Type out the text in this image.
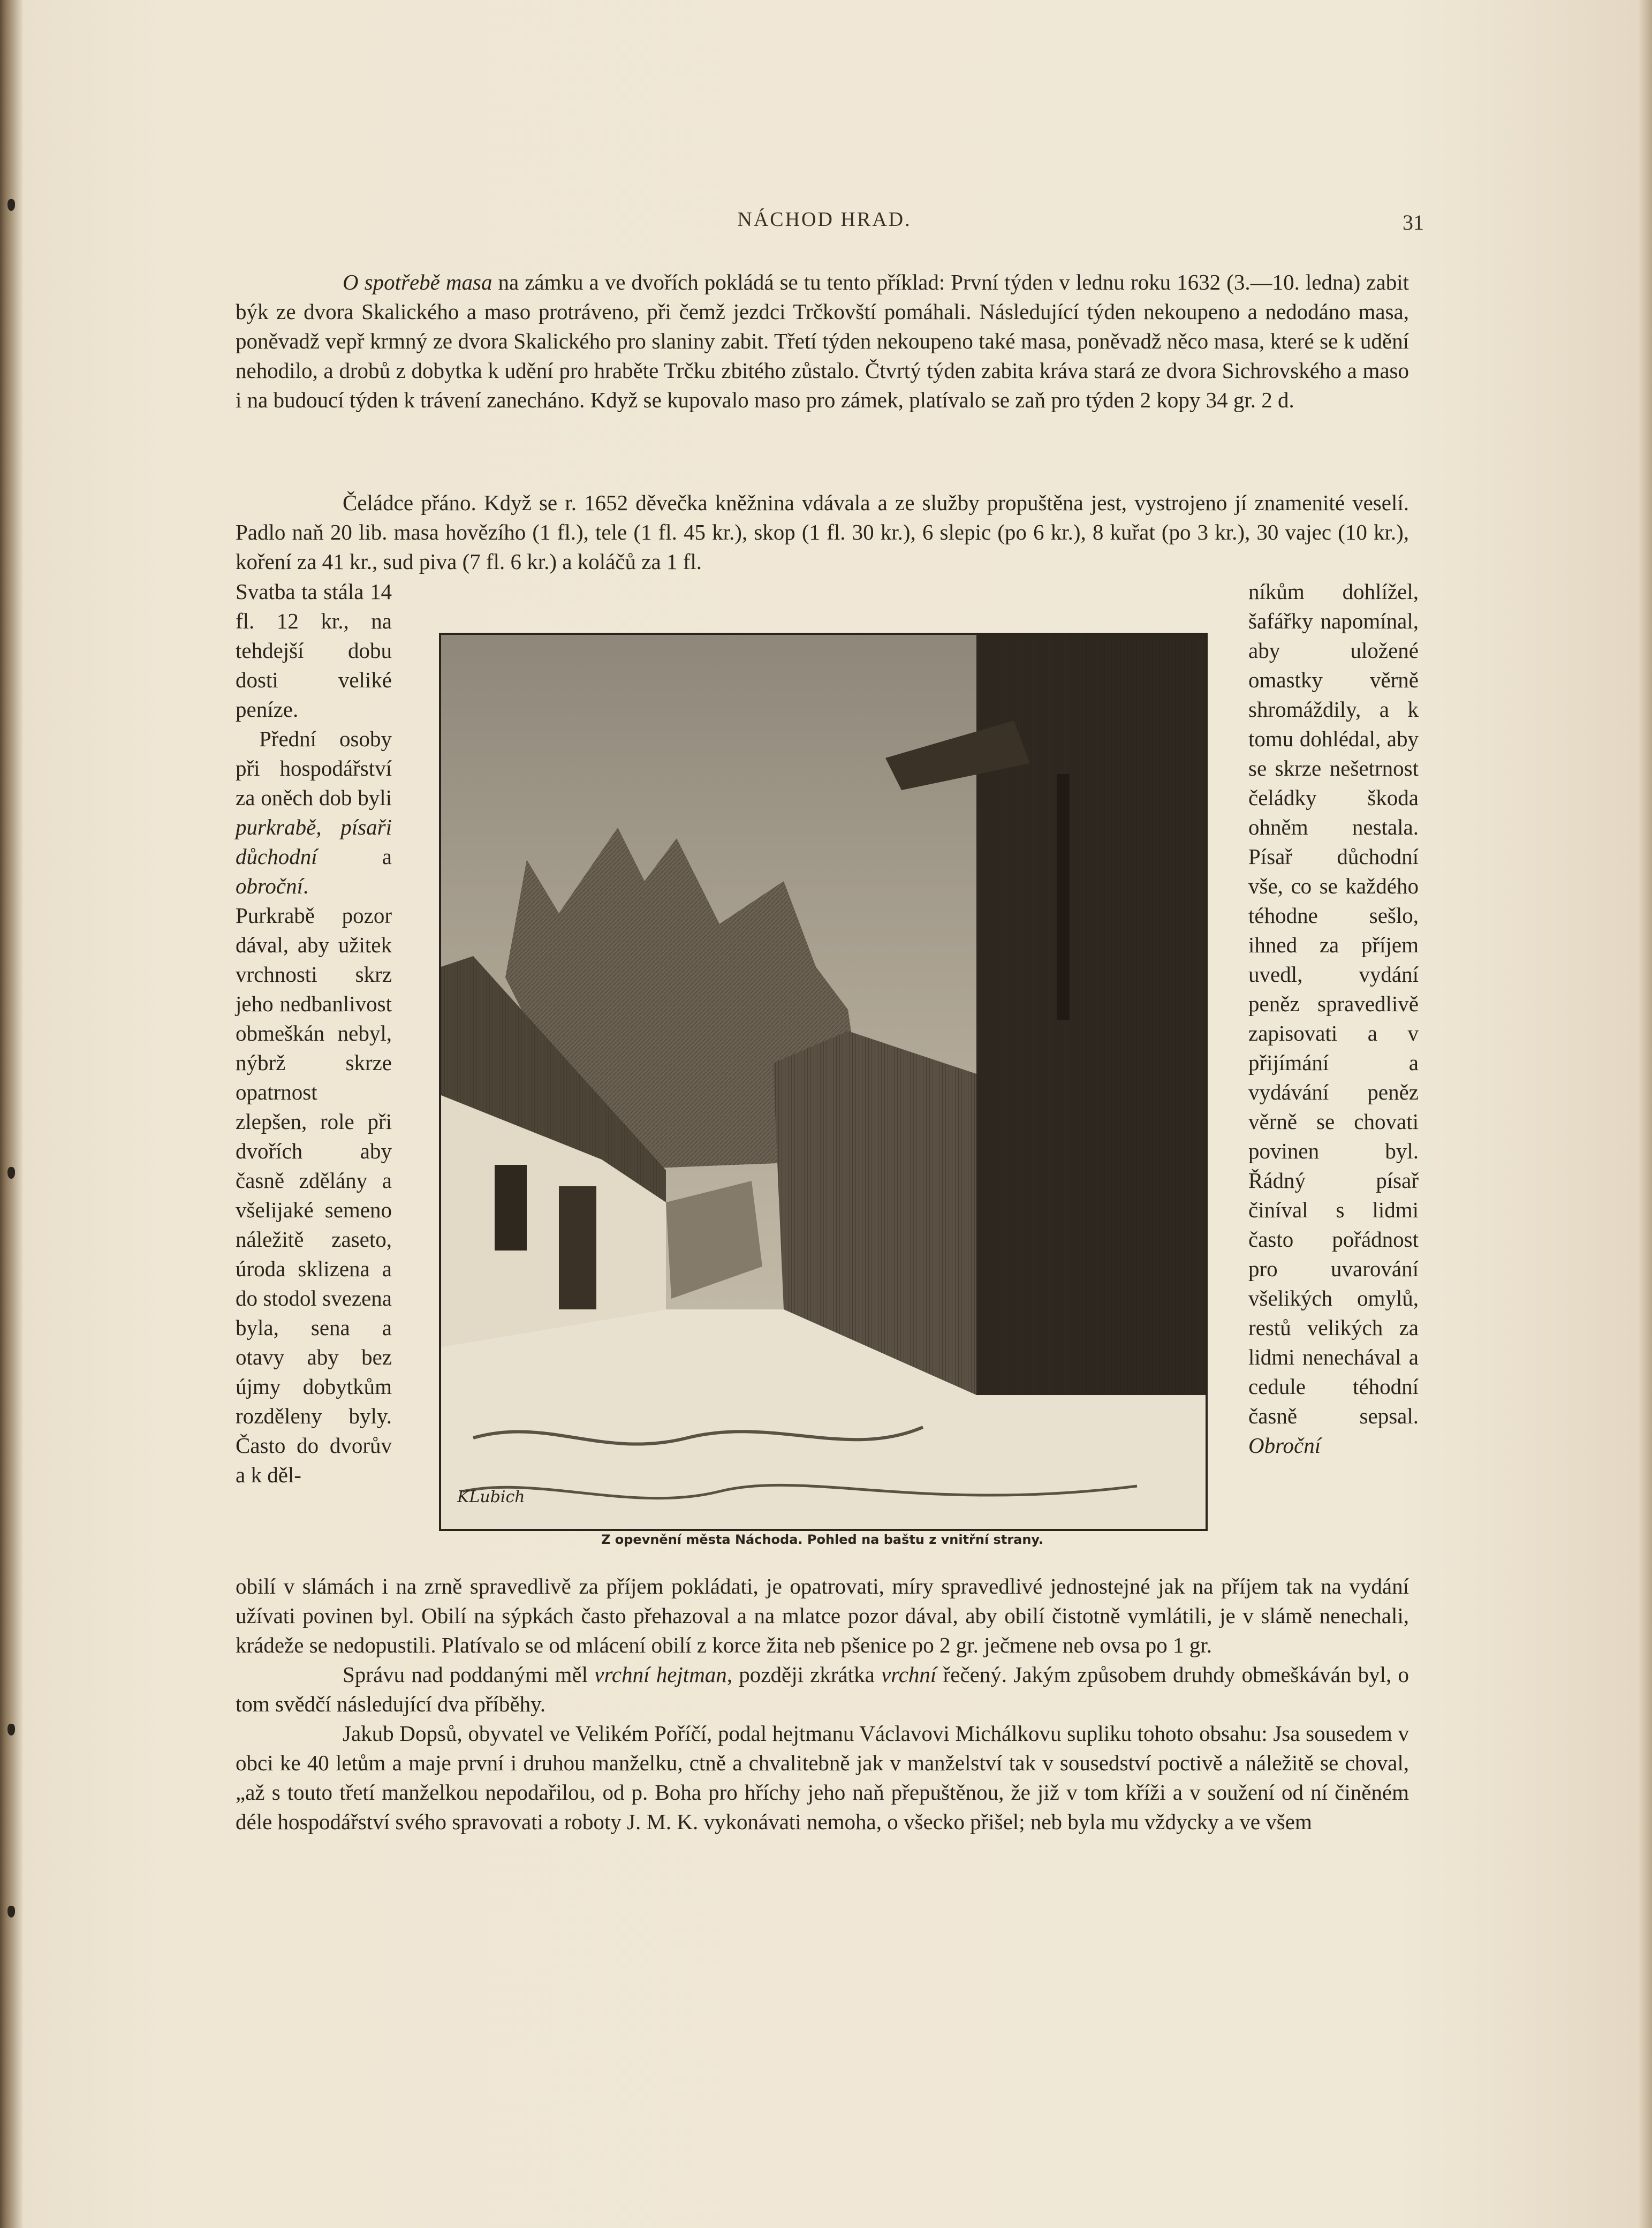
NÁCHOD HRAD.	31

O spotřebě masa na zámku a ve dvořích pokládá se tu tento příklad: První týden v lednu roku 1632 (3.—10. ledna) zabit býk ze dvora Skalického a maso protráveno, při čemž jezdci Trčkovští pomáhali. Následující týden nekoupeno a nedodáno masa, poněvadž vepř krmný ze dvora Skalického pro slaniny zabit. Třetí týden nekoupeno také masa, poněvadž něco masa, které se k udění nehodilo, a drobů z dobytka k udění pro hraběte Trčku zbitého zůstalo. Čtvrtý týden zabita kráva stará ze dvora Sichrovského a maso i na budoucí týden k trávení zanecháno. Když se kupovalo maso pro zámek, platívalo se zaň pro týden 2 kopy 34 gr. 2 d.

Čeládce přáno. Když se r. 1652 děvečka kněžnina vdávala a ze služby propuštěna jest, vystrojeno jí znamenité veselí. Padlo naň 20 lib. masa hovězího (1 fl.), tele (1 fl. 45 kr.), skop (1 fl. 30 kr.), 6 slepic (po 6 kr.), 8 kuřat (po 3 kr.), 30 vajec (10 kr.), koření za 41 kr., sud piva (7 fl. 6 kr.) a koláčů za 1 fl.

Svatba ta stála 14 fl. 12 kr., na tehdejší dobu dosti veliké peníze.

Přední osoby při hospodářství za oněch dob byli purkrabě, písaři důchodní a obroční. Purkrabě pozor dával, aby užitek vrchnosti skrz jeho nedbanlivost obmeškán nebyl, nýbrž skrze opatrnost zlepšen, role při dvořích aby časně zdělány a všelijaké semeno náležitě zaseto, úroda sklizena a do stodol svezena byla, sena a otavy aby bez újmy dobytkům rozděleny byly. Často do dvorův a k děl-

níkům dohlížel, šafářky napomínal, aby uložené omastky věrně shromáždily, a k tomu dohlédal, aby se skrze nešetrnost čeládky škoda ohněm nestala. Písař důchodní vše, co se každého téhodne sešlo, ihned za příjem uvedl, vydání peněz spravedlivě zapisovati a v přijímání a vydávání peněz věrně se chovati povinen byl. Řádný písař činíval s lidmi často pořádnost pro uvarování všelikých omylů, restů velikých za lidmi nenechával a cedule téhodní časně sepsal. Obroční

KLubich
Z opevnění města Náchoda. Pohled na baštu z vnitřní strany.

obilí v slámách i na zrně spravedlivě za příjem pokládati, je opatrovati, míry spravedlivé jednostejné jak na příjem tak na vydání užívati povinen byl. Obilí na sýpkách často přehazoval a na mlatce pozor dával, aby obilí čistotně vymlátili, je v slámě nenechali, krádeže se nedopustili. Platívalo se od mlácení obilí z korce žita neb pšenice po 2 gr. ječmene neb ovsa po 1 gr.

Správu nad poddanými měl vrchní hejtman, později zkrátka vrchní řečený. Jakým způsobem druhdy obmeškáván byl, o tom svědčí následující dva příběhy.

Jakub Dopsů, obyvatel ve Velikém Poříčí, podal hejtmanu Václavovi Michálkovu supliku tohoto obsahu: Jsa sousedem v obci ke 40 letům a maje první i druhou manželku, ctně a chvalitebně jak v manželství tak v sousedství poctivě a náležitě se choval, „až s touto třetí manželkou nepodařilou, od p. Boha pro hříchy jeho naň přepuštěnou, že již v tom kříži a v soužení od ní činěném déle hospodářství svého spravovati a roboty J. M. K. vykonávati nemoha, o všecko přišel; neb byla mu vždycky a ve všem
